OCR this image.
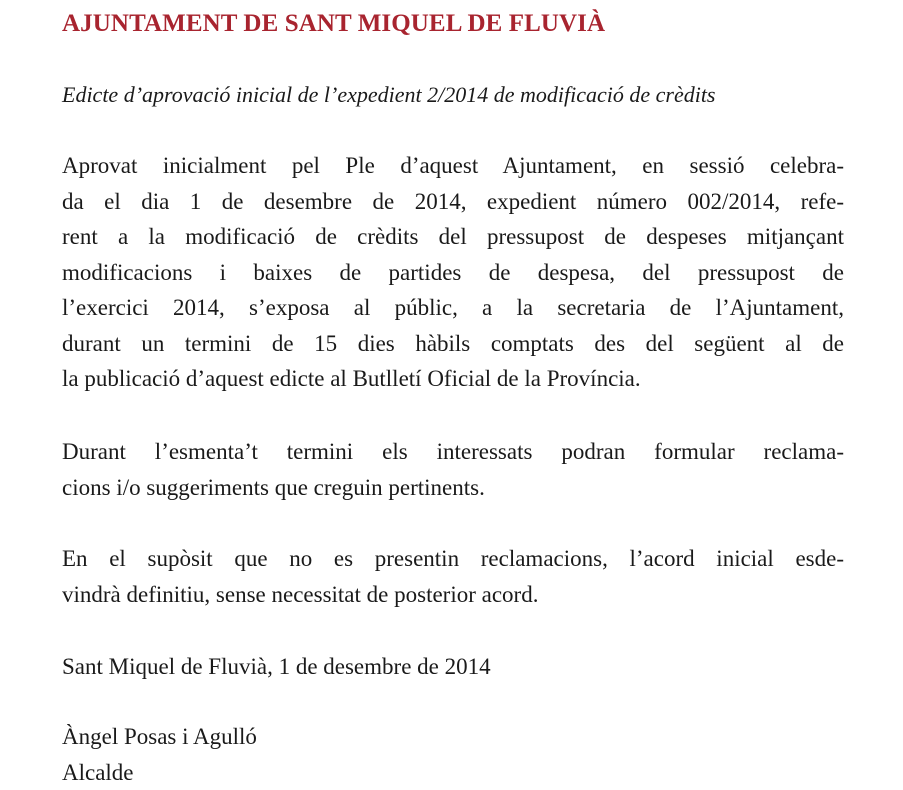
AJUNTAMENT DE SANT MIQUEL DE FLUVIÀ

Edicte d’aprovació inicial de l’expedient 2/2014 de modificació de crèdits

Aprovat inicialment pel Ple d’aquest Ajuntament, en sessió celebra-
da el dia 1 de desembre de 2014, expedient número 002/2014, refe-
rent a la modificació de crèdits del pressupost de despeses mitjançant
modificacions i baixes de partides de despesa, del pressupost de
l’exercici 2014, s’exposa al públic, a la secretaria de l’Ajuntament,
durant un termini de 15 dies hàbils comptats des del següent al de
la publicació d’aquest edicte al Butlletí Oficial de la Província.
Durant l’esmenta’t termini els interessats podran formular reclama-
cions i/o suggeriments que creguin pertinents.
En el supòsit que no es presentin reclamacions, l’acord inicial esde-
vindrà definitiu, sense necessitat de posterior acord.
Sant Miquel de Fluvià, 1 de desembre de 2014
Àngel Posas i Agulló
Alcalde
